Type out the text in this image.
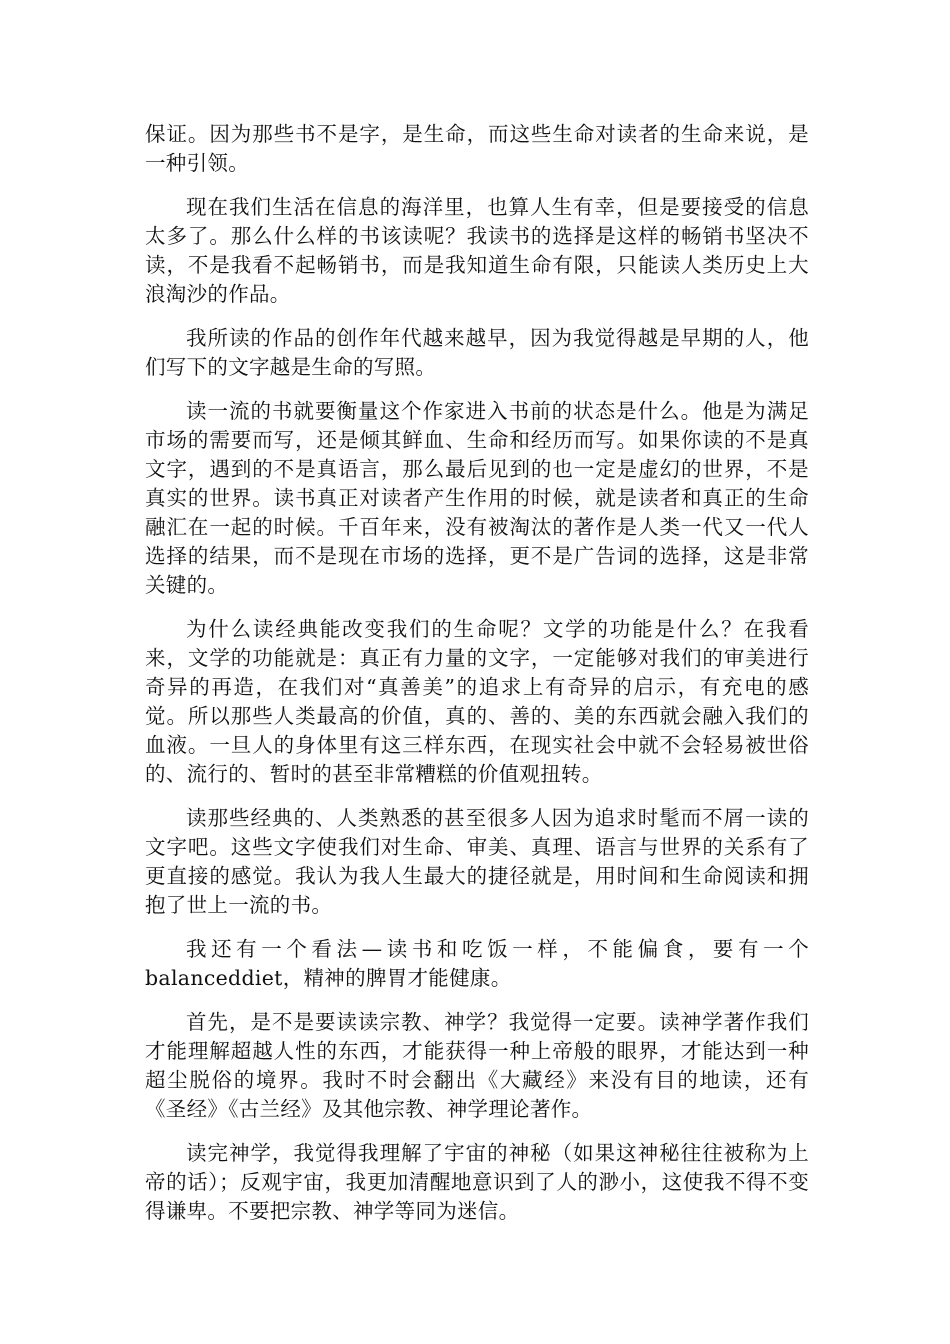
保证。因为那些书不是字，是生命，而这些生命对读者的生命来说，是一种引领。

现在我们生活在信息的海洋里，也算人生有幸，但是要接受的信息太多了。那么什么样的书该读呢？我读书的选择是这样的畅销书坚决不读，不是我看不起畅销书，而是我知道生命有限，只能读人类历史上大浪淘沙的作品。

我所读的作品的创作年代越来越早，因为我觉得越是早期的人，他们写下的文字越是生命的写照。

读一流的书就要衡量这个作家进入书前的状态是什么。他是为满足市场的需要而写，还是倾其鲜血、生命和经历而写。如果你读的不是真文字，遇到的不是真语言，那么最后见到的也一定是虚幻的世界，不是真实的世界。读书真正对读者产生作用的时候，就是读者和真正的生命融汇在一起的时候。千百年来，没有被淘汰的著作是人类一代又一代人选择的结果，而不是现在市场的选择，更不是广告词的选择，这是非常关键的。

为什么读经典能改变我们的生命呢？文学的功能是什么？在我看来，文学的功能就是：真正有力量的文字，一定能够对我们的审美进行奇异的再造，在我们对“真善美”的追求上有奇异的启示，有充电的感觉。所以那些人类最高的价值，真的、善的、美的东西就会融入我们的血液。一旦人的身体里有这三样东西，在现实社会中就不会轻易被世俗的、流行的、暂时的甚至非常糟糕的价值观扭转。

读那些经典的、人类熟悉的甚至很多人因为追求时髦而不屑一读的文字吧。这些文字使我们对生命、审美、真理、语言与世界的关系有了更直接的感觉。我认为我人生最大的捷径就是，用时间和生命阅读和拥抱了世上一流的书。

我还有一个看法—读书和吃饭一样，不能偏食，要有一个balanceddiet，精神的脾胃才能健康。

首先，是不是要读读宗教、神学？我觉得一定要。读神学著作我们才能理解超越人性的东西，才能获得一种上帝般的眼界，才能达到一种超尘脱俗的境界。我时不时会翻出《大藏经》来没有目的地读，还有《圣经》《古兰经》及其他宗教、神学理论著作。

读完神学，我觉得我理解了宇宙的神秘（如果这神秘往往被称为上帝的话）；反观宇宙，我更加清醒地意识到了人的渺小，这使我不得不变得谦卑。不要把宗教、神学等同为迷信。
